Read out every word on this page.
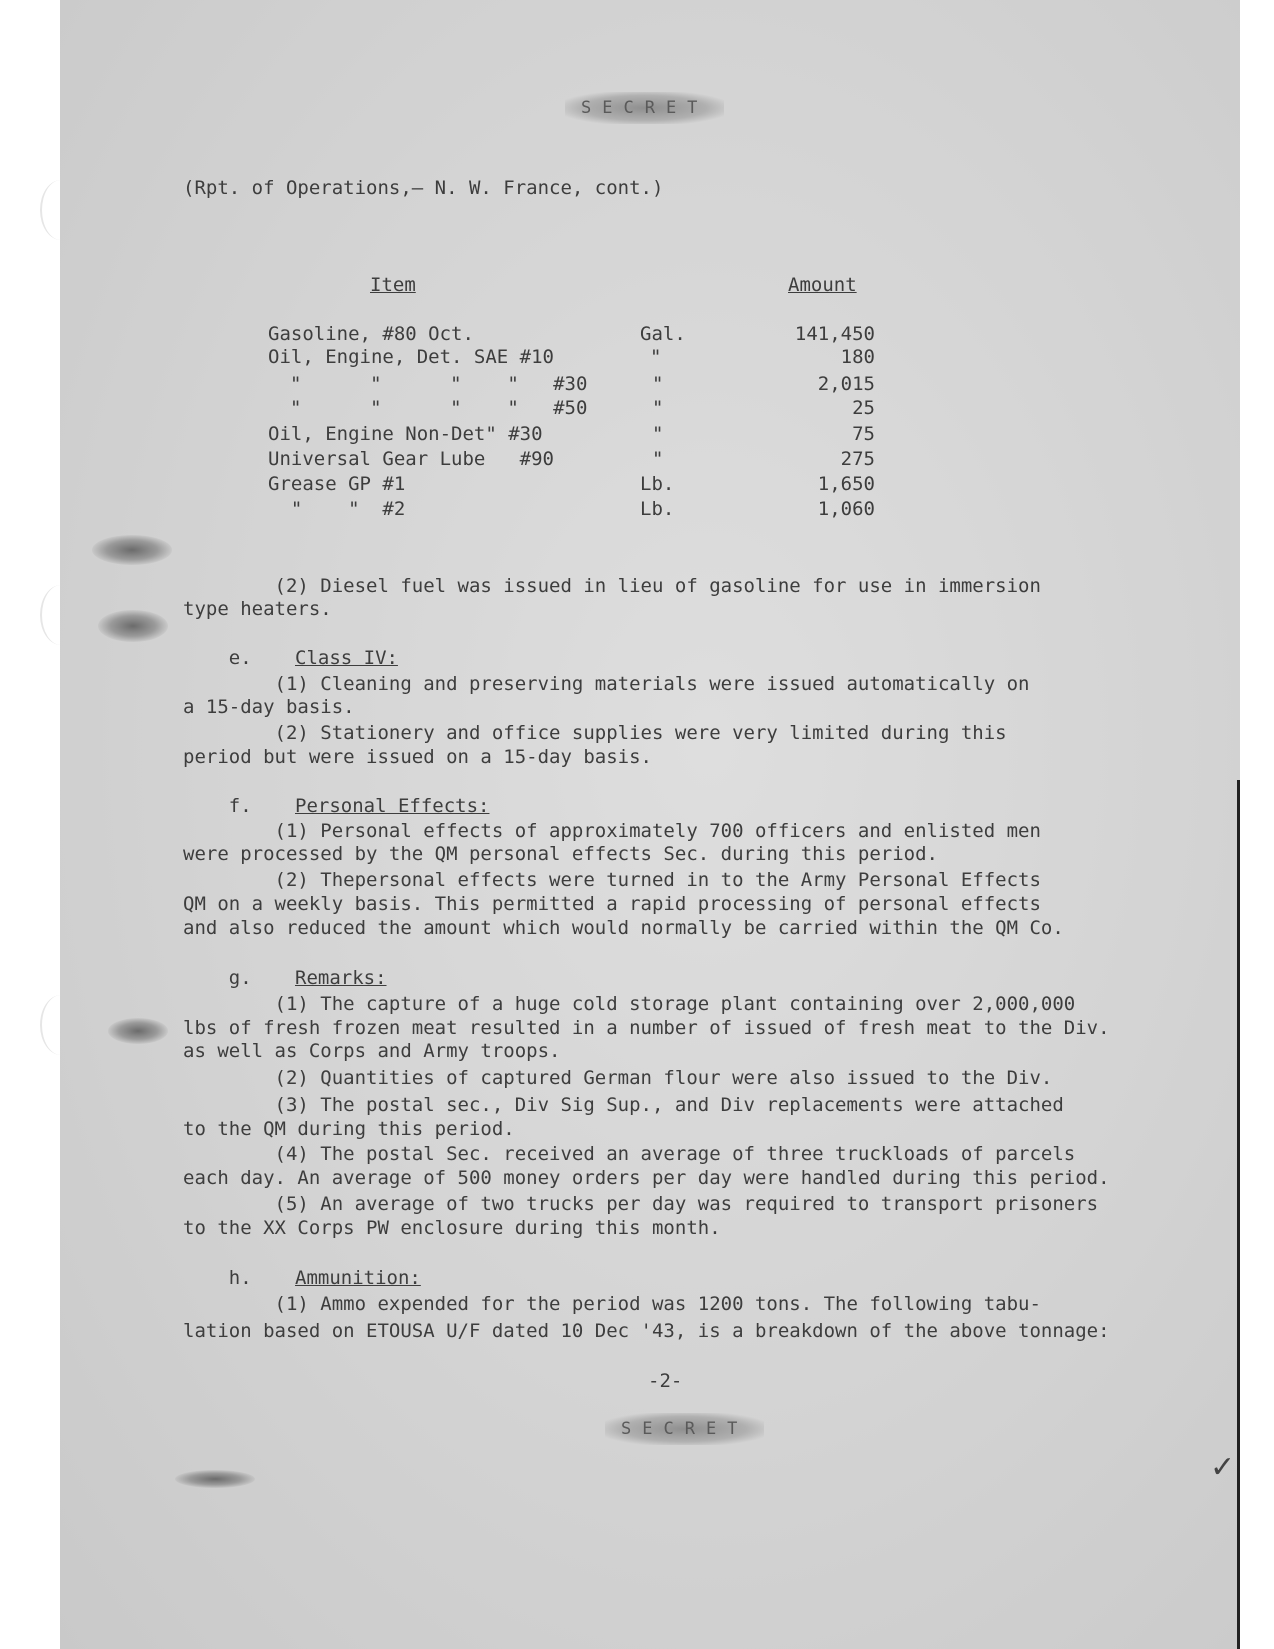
✓
SECRET
(Rpt. of Operations,— N. W. France, cont.)
Item	Amount
Gasoline, #80 Oct.	Gal.	141,450
Oil, Engine, Det. SAE #10	"	180
"      "      "    "   #30	"	2,015
"      "      "    "   #50	"	25
Oil, Engine Non-Det" #30	"	75
Universal Gear Lube   #90	"	275
Grease GP #1	Lb.	1,650
"    "  #2	Lb.	1,060
(2) Diesel fuel was issued in lieu of gasoline for use in immersion
type heaters.
e. Class IV:
(1) Cleaning and preserving materials were issued automatically on
a 15-day basis.
(2) Stationery and office supplies were very limited during this
period but were issued on a 15-day basis.
f. Personal Effects:
(1) Personal effects of approximately 700 officers and enlisted men
were processed by the QM personal effects Sec. during this period.
(2) Thepersonal effects were turned in to the Army Personal Effects
QM on a weekly basis. This permitted a rapid processing of personal effects
and also reduced the amount which would normally be carried within the QM Co.
g. Remarks:
(1) The capture of a huge cold storage plant containing over 2,000,000
lbs of fresh frozen meat resulted in a number of issued of fresh meat to the Div.
as well as Corps and Army troops.
(2) Quantities of captured German flour were also issued to the Div.
(3) The postal sec., Div Sig Sup., and Div replacements were attached
to the QM during this period.
(4) The postal Sec. received an average of three truckloads of parcels
each day. An average of 500 money orders per day were handled during this period.
(5) An average of two trucks per day was required to transport prisoners
to the XX Corps PW enclosure during this month.
h. Ammunition:
(1) Ammo expended for the period was 1200 tons. The following tabu-
lation based on ETOUSA U/F dated 10 Dec '43, is a breakdown of the above tonnage:
-2-
SECRET
